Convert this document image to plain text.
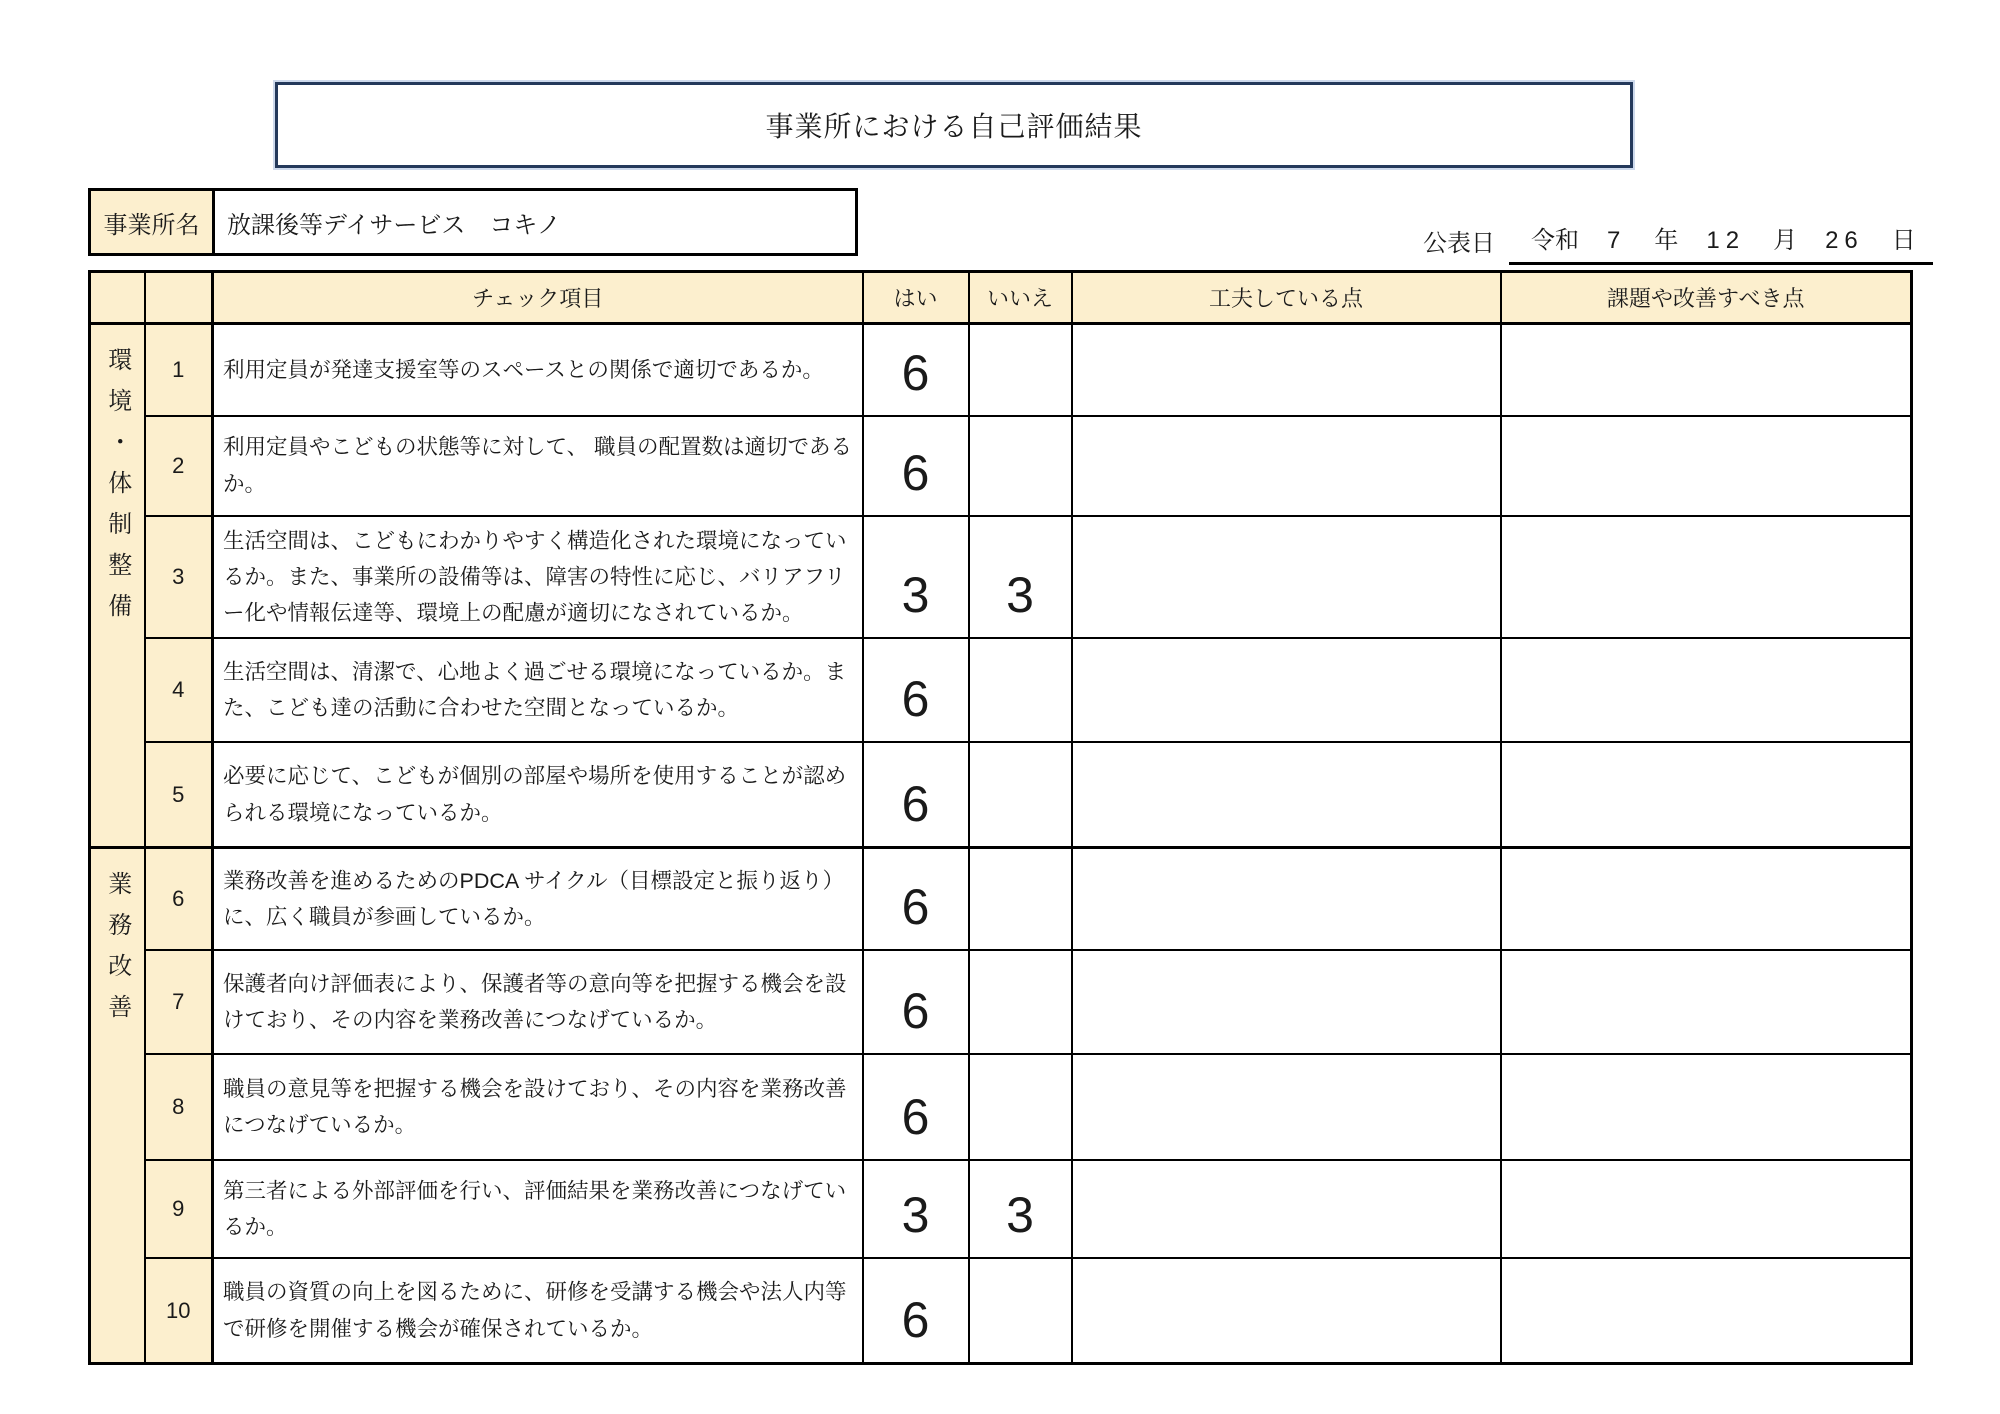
事業所における自己評価結果
事業所名	放課後等デイサービス　コキノ
公表日 令和 7 年 12 月 26 日
		チェック項目	はい	いいえ	工夫している点	課題や改善すべき点
環境・体制整備	1	利用定員が発達支援室等のスペースとの関係で適切であるか。	6			
	2	利用定員やこどもの状態等に対して、 職員の配置数は適切であるか。	6			
	3	生活空間は、こどもにわかりやすく構造化された環境になっているか。また、事業所の設備等は、障害の特性に応じ、バリアフリー化や情報伝達等、環境上の配慮が適切になされているか。	3	3		
	4	生活空間は、清潔で、心地よく過ごせる環境になっているか。また、こども達の活動に合わせた空間となっているか。	6			
	5	必要に応じて、こどもが個別の部屋や場所を使用することが認められる環境になっているか。	6			
業務改善	6	業務改善を進めるためのPDCA サイクル（目標設定と振り返り）に、広く職員が参画しているか。	6			
	7	保護者向け評価表により、保護者等の意向等を把握する機会を設けており、その内容を業務改善につなげているか。	6			
	8	職員の意見等を把握する機会を設けており、その内容を業務改善につなげているか。	6			
	9	第三者による外部評価を行い、評価結果を業務改善につなげているか。	3	3		
	10	職員の資質の向上を図るために、研修を受講する機会や法人内等で研修を開催する機会が確保されているか。	6			
